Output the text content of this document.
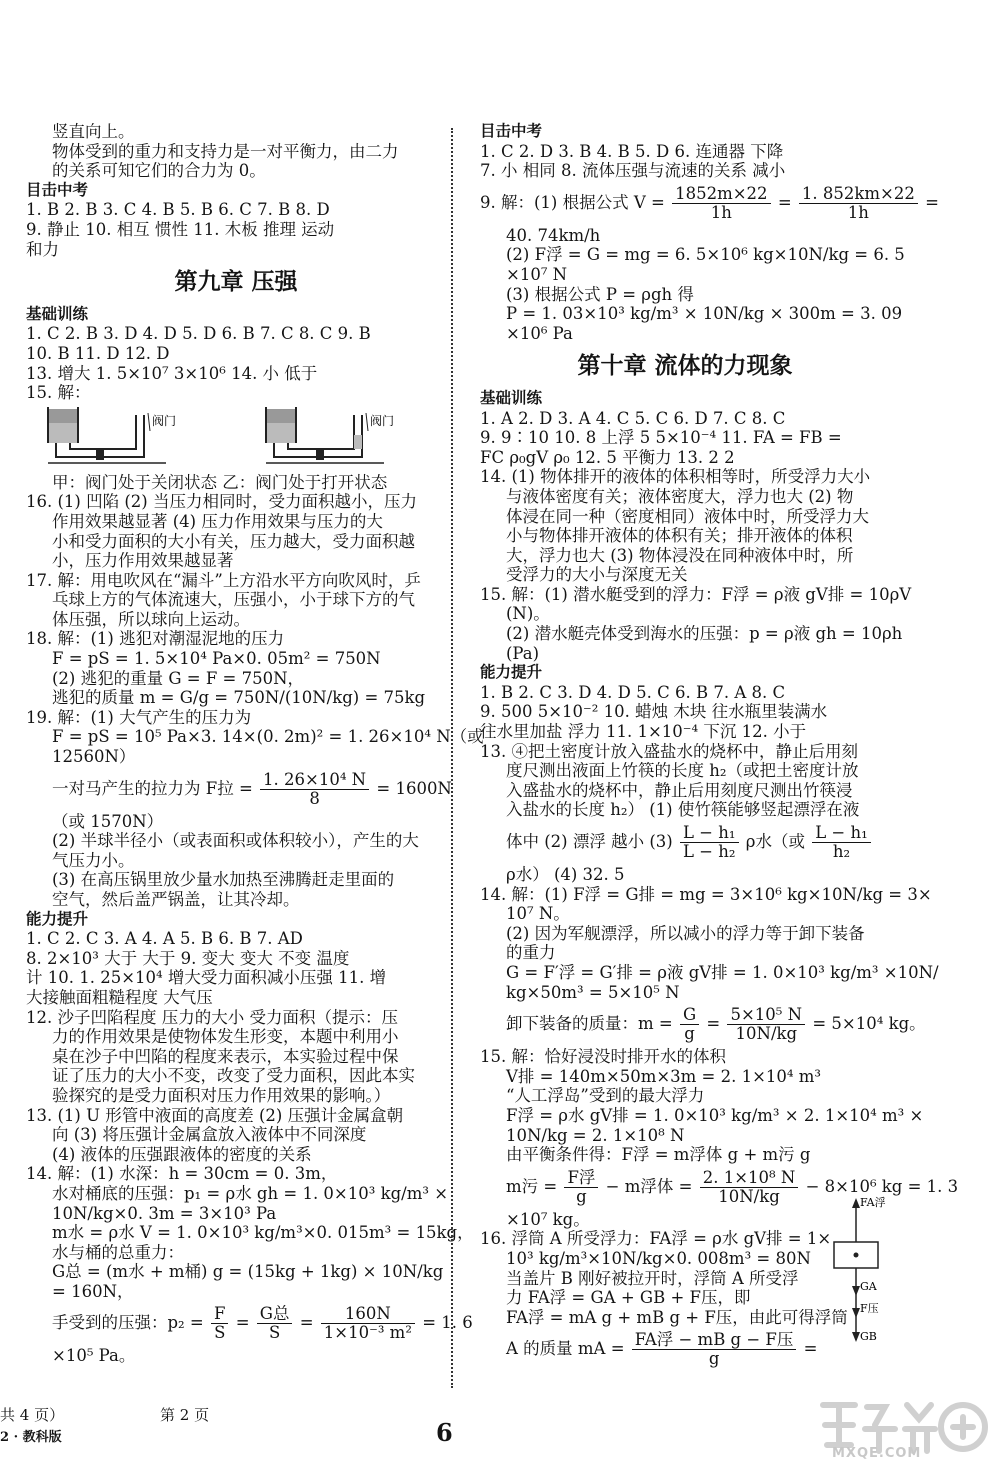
竖直向上。
物体受到的重力和支持力是一对平衡力，由二力
的关系可知它们的合力为 0。
目击中考
1. B 2. B 3. C 4. B 5. B 6. C 7. B 8. D
9. 静止 10. 相互 惯性 11. 木板 推理 运动
和力
第九章 压强
基础训练
1. C 2. B 3. D 4. D 5. D 6. B 7. C 8. C 9. B
10. B 11. D 12. D
13. 增大 1. 5×10⁷ 3×10⁶ 14. 小 低于
15. 解：
阀门	阀门
甲：阀门处于关闭状态 乙：阀门处于打开状态
16. (1) 凹陷 (2) 当压力相同时，受力面积越小，压力
作用效果越显著 (4) 压力作用效果与压力的大
小和受力面积的大小有关，压力越大，受力面积越
小，压力作用效果越显著
17. 解：用电吹风在“漏斗”上方沿水平方向吹风时，乒
乓球上方的气体流速大，压强小，小于球下方的气
体压强，所以球向上运动。
18. 解：(1) 逃犯对潮湿泥地的压力
F = pS = 1. 5×10⁴ Pa×0. 05m² = 750N
(2) 逃犯的重量 G = F = 750N，
逃犯的质量 m = G/g = 750N/(10N/kg) = 75kg
19. 解：(1) 大气产生的压力为
F = pS = 10⁵ Pa×3. 14×(0. 2m)² = 1. 26×10⁴ N（或
12560N）
一对马产生的拉力为 F拉 = $\frac{\text{1. 26×10⁴ N}}{8} = 1600N$
（或 1570N）
(2) 半球半径小（或表面积或体积较小），产生的大
气压力小。
(3) 在高压锅里放少量水加热至沸腾赶走里面的
空气，然后盖严锅盖，让其冷却。
能力提升
1. C 2. C 3. A 4. A 5. B 6. B 7. AD
8. 2×10³ 大于 大于 9. 变大 变大 不变 温度
计 10. 1. 25×10⁴ 增大受力面积减小压强 11. 增
大接触面粗糙程度 大气压
12. 沙子凹陷程度 压力的大小 受力面积（提示：压
力的作用效果是使物体发生形变，本题中利用小
桌在沙子中凹陷的程度来表示，本实验过程中保
证了压力的大小不变，改变了受力面积，因此本实
验探究的是受力面积对压力作用效果的影响。）
13. (1) U 形管中液面的高度差 (2) 压强计金属盒朝
向 (3) 将压强计金属盒放入液体中不同深度
(4) 液体的压强跟液体的密度的关系
14. 解：(1) 水深：h = 30cm = 0. 3m，
水对桶底的压强：p₁ = ρ水 gh = 1. 0×10³ kg/m³ ×
10N/kg×0. 3m = 3×10³ Pa
m水 = ρ水 V = 1. 0×10³ kg/m³×0. 015m³ = 15kg，
水与桶的总重力：
G总 = (m水 + m桶) g = (15kg + 1kg) × 10N/kg
= 160N，
手受到的压强：$p_2 = \frac{F}{S} = \frac{\text{G总}}{S} = \frac{160N}{\text{1×10⁻³ m²}} = 1$. 6
×10⁵ Pa。
目击中考
1. C 2. D 3. B 4. B 5. D 6. 连通器 下降
7. 小 相同 8. 流体压强与流速的关系 减小
9. 解：(1) 根据公式 $V = \frac{1852m\times 22}{1h} = \frac{1. 852km\times 22}{1h}$ =
40. 74km/h
(2) F浮 = G = mg = 6. 5×10⁶ kg×10N/kg = 6. 5
×10⁷ N
(3) 根据公式 P = ρgh 得
P = 1. 03×10³ kg/m³ × 10N/kg × 300m = 3. 09
×10⁶ Pa
第十章 流体的力现象
基础训练
1. A 2. D 3. A 4. C 5. C 6. D 7. C 8. C
9. 9∶10 10. 8 上浮 5 5×10⁻⁴ 11. FA = FB =
FC ρ₀gV ρ₀ 12. 5 平衡力 13. 2 2
14. (1) 物体排开的液体的体积相等时，所受浮力大小
与液体密度有关；液体密度大，浮力也大 (2) 物
体浸在同一种（密度相同）液体中时，所受浮力大
小与物体排开液体的体积有关；排开液体的体积
大，浮力也大 (3) 物体浸没在同种液体中时，所
受浮力的大小与深度无关
15. 解：(1) 潜水艇受到的浮力：F浮 = ρ液 gV排 = 10ρV
(N)。
(2) 潜水艇壳体受到海水的压强：p = ρ液 gh = 10ρh
(Pa)
能力提升
1. B 2. C 3. D 4. D 5. C 6. B 7. A 8. C
9. 500 5×10⁻² 10. 蜡烛 木块 往水瓶里装满水
往水里加盐 浮力 11. 1×10⁻⁴ 下沉 12. 小于
13. ④把土密度计放入盛盐水的烧杯中，静止后用刻
度尺测出液面上竹筷的长度 h₂（或把土密度计放
入盛盐水的烧杯中，静止后用刻度尺测出竹筷浸
入盐水的长度 h₂） (1) 使竹筷能够竖起漂浮在液
体中 (2) 漂浮 越小 $(3) \frac{\text{L − h₁}}{\text{L − h₂}}$ ρ水（或 $\frac{\text{L − h₁}}{\text{h₂}}$
ρ水） (4) 32. 5
14. 解：(1) F浮 = G排 = mg = 3×10⁶ kg×10N/kg = 3×
10⁷ N。
(2) 因为军舰漂浮，所以减小的浮力等于卸下装备
的重力
G = F′浮 = G′排 = ρ液 gV排 = 1. 0×10³ kg/m³ ×10N/
kg×50m³ = 5×10⁵ N
卸下装备的质量：$m = \frac{G}{g} = \frac{\text{5×10⁵ N}}{10N/kg} = 5\times 10^4$ kg。
15. 解：恰好浸没时排开水的体积
V排 = 140m×50m×3m = 2. 1×10⁴ m³
“人工浮岛”受到的最大浮力
F浮 = ρ水 gV排 = 1. 0×10³ kg/m³ × 2. 1×10⁴ m³ ×
10N/kg = 2. 1×10⁸ N
由平衡条件得：F浮 = m浮体 g + m污 g
m污 = $\frac{\text{F浮}}{g} - m$浮体 = $\frac{\text{2. 1×10⁸ N}}{10N/kg} - 8\times 10^6$ kg = 1. 3
×10⁷ kg。
16. 浮筒 A 所受浮力：FA浮 = ρ水 gV排 = 1×
10³ kg/m³×10N/kg×0. 008m³ = 80N
当盖片 B 刚好被拉开时，浮筒 A 所受浮
力 FA浮 = GA + GB + F压，即
FA浮 = mA g + mB g + F压，由此可得浮筒
A 的质量 mA = $\frac{\text{FA浮 − mB g − F压}}{g}$ =
FA浮
GA
F压
GB
共 4 页）
2 · 教科版
第 2 页
6
MXQE.COM
